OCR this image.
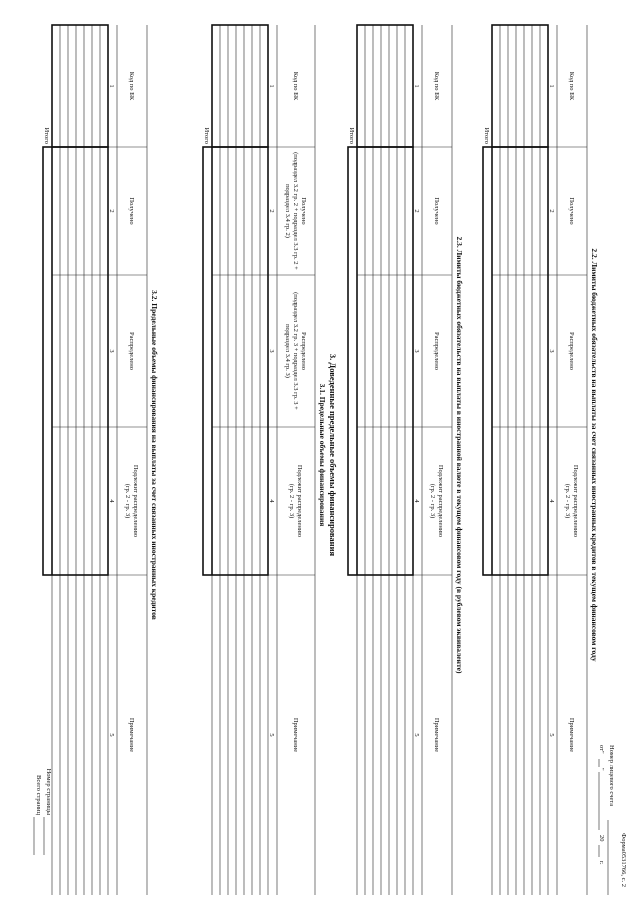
Форма0531766, с. 2
Номер лицевого счета
от"
"
20
г.
2.2. Лимиты бюджетных обязательств на выплаты за счет связанных иностранных кредитов в текущем финансовом году
Код по БК
1
Получено
2
Распределено
3
Подлежит распределению
(гр. 2 - гр. 3)
4
Примечание
5
Итого
2.3. Лимиты бюджетных обязательств на выплаты в иностранной валюте в текущем финансовом году (в рублевом эквиваленте)
Код по БК
1
Получено
2
Распределено
3
Подлежит распределению
(гр. 2 - гр. 3)
4
Примечание
5
Итого
3. Доведенные предельные объемы финансирования
3.1. Предельные объемы финансирования
Код по БК
1
Получено
(подраздел 3.2 гр. 2 + подраздел 3.3 гр. 2 +
подраздел 3.4 гр. 2)
2
Распределено
(подраздел 3.2 гр. 3 + подраздел 3.3 гр. 3 +
подраздел 3.4 гр. 3)
3
Подлежит распределению
(гр. 2 - гр. 3)
4
Примечание
5
Итого
3.2. Предельные объемы финансирования на выплаты за счет связанных иностранных кредитов
Код по БК
1
Получено
2
Распределено
3
Подлежит распределению
(гр. 2 - гр. 3)
4
Примечание
5
Итого
Номер страницы
Всего страниц
